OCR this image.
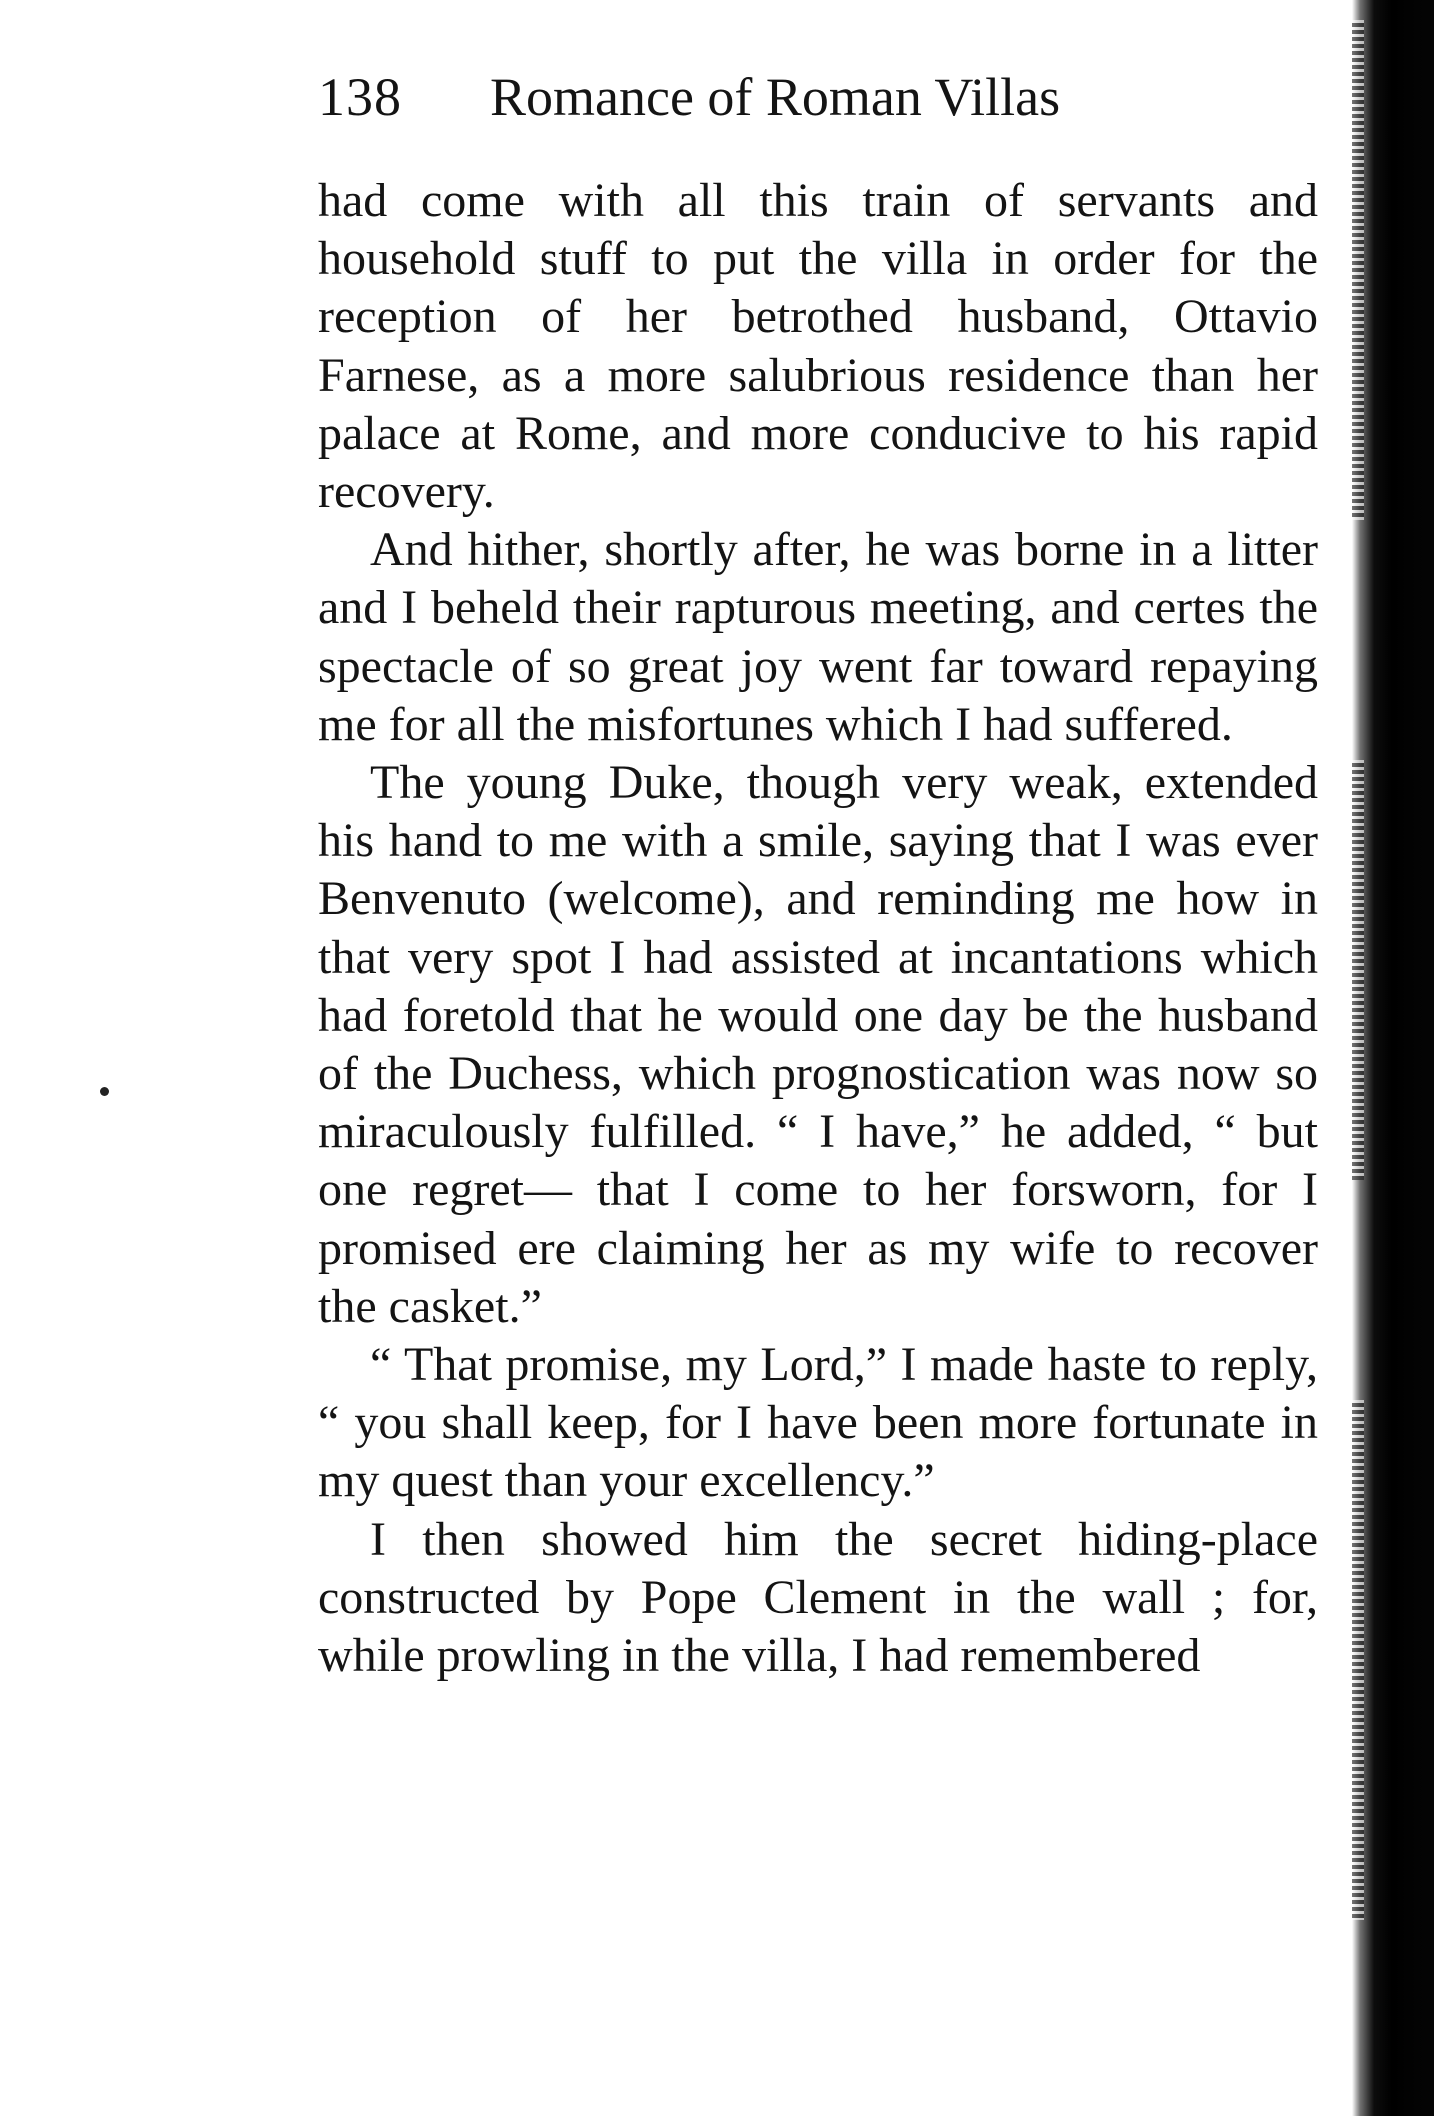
138 Romance of Roman Villas

had come with all this train of servants and household stuff to put the villa in order for the reception of her betrothed husband, Ottavio Farnese, as a more salubrious residence than her palace at Rome, and more conducive to his rapid recovery.

And hither, shortly after, he was borne in a litter and I beheld their rapturous meeting, and certes the spectacle of so great joy went far toward repaying me for all the misfortunes which I had suffered.

The young Duke, though very weak, extended his hand to me with a smile, saying that I was ever Benvenuto (welcome), and reminding me how in that very spot I had assisted at incantations which had foretold that he would one day be the husband of the Duchess, which prognostication was now so miraculously fulfilled. “ I have,” he added, “ but one regret— that I come to her forsworn, for I promised ere claiming her as my wife to recover the casket.”

“ That promise, my Lord,” I made haste to reply, “ you shall keep, for I have been more fortunate in my quest than your excellency.”

I then showed him the secret hiding-place constructed by Pope Clement in the wall ; for, while prowling in the villa, I had remembered
